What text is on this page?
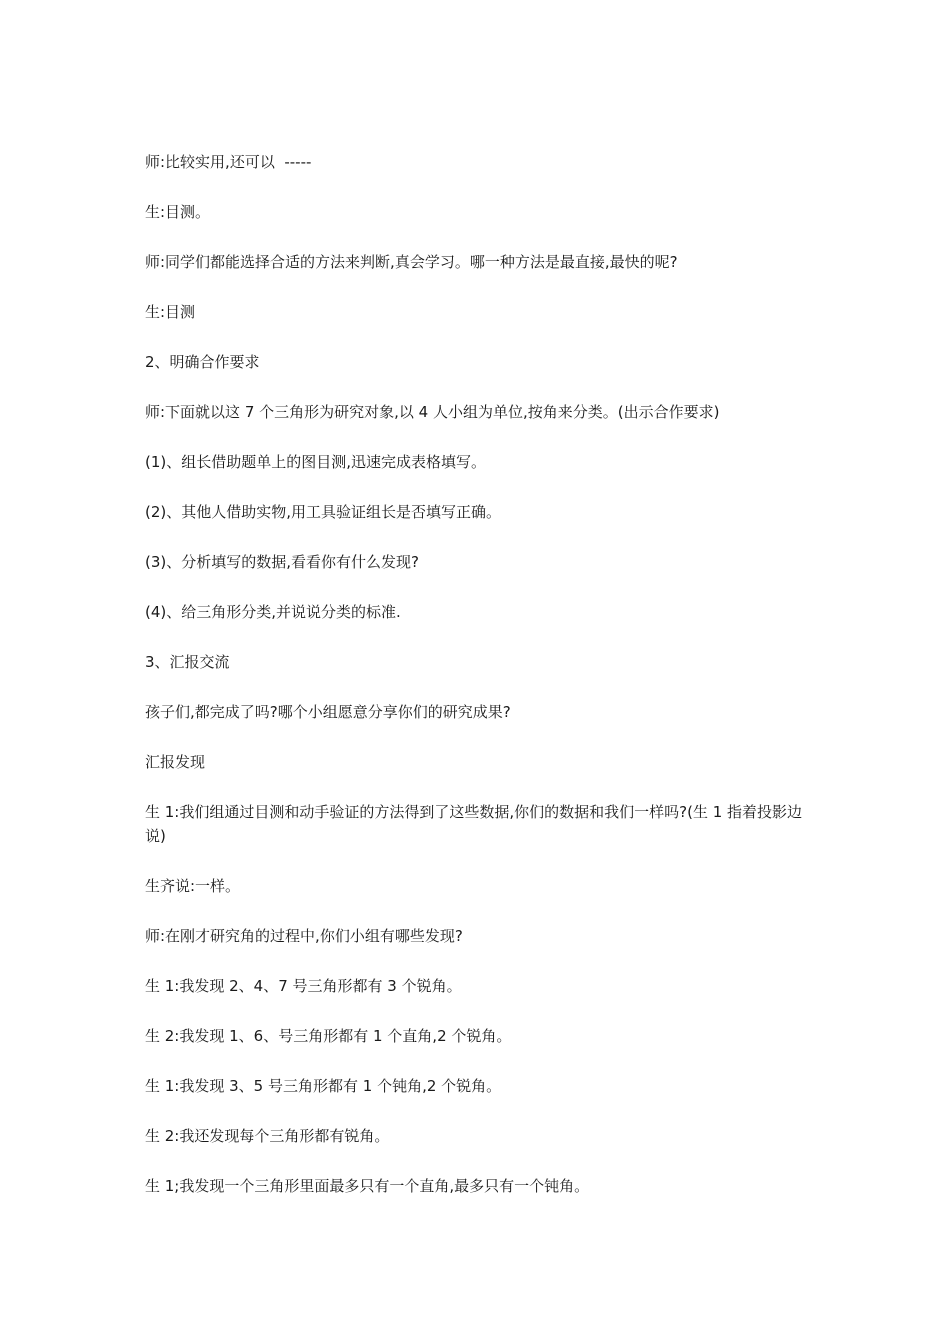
师:比较实用,还可以  -----

生:目测。

师:同学们都能选择合适的方法来判断,真会学习。哪一种方法是最直接,最快的呢?

生:目测

2、明确合作要求

师:下面就以这 7 个三角形为研究对象,以 4 人小组为单位,按角来分类。(出示合作要求)

(1)、组长借助题单上的图目测,迅速完成表格填写。

(2)、其他人借助实物,用工具验证组长是否填写正确。

(3)、分析填写的数据,看看你有什么发现?

(4)、给三角形分类,并说说分类的标准.

3、汇报交流

孩子们,都完成了吗?哪个小组愿意分享你们的研究成果?

汇报发现

生 1:我们组通过目测和动手验证的方法得到了这些数据,你们的数据和我们一样吗?(生 1 指着投影边说)

生齐说:一样。

师:在刚才研究角的过程中,你们小组有哪些发现?

生 1:我发现 2、4、7 号三角形都有 3 个锐角。

生 2:我发现 1、6、号三角形都有 1 个直角,2 个锐角。

生 1:我发现 3、5 号三角形都有 1 个钝角,2 个锐角。

生 2:我还发现每个三角形都有锐角。

生 1;我发现一个三角形里面最多只有一个直角,最多只有一个钝角。
